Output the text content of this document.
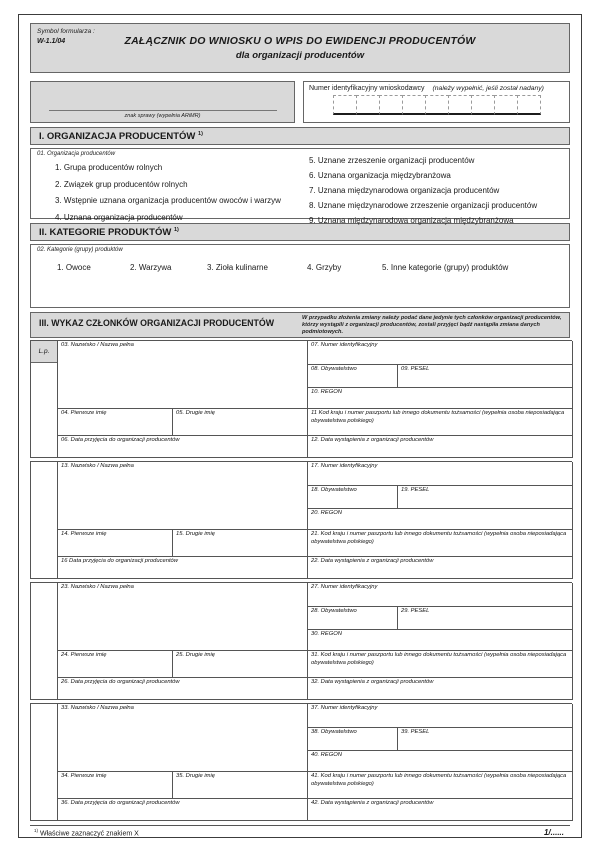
Symbol formularza :
W-1.1/04	ZAŁĄCZNIK DO WNIOSKU O WPIS DO EWIDENCJI PRODUCENTÓW
dla organizacji producentów
znak sprawy (wypełnia ARiMR)
Numer identyfikacyjny wnioskodawcy (należy wypełnić, jeśli został nadany)
I. ORGANIZACJA PRODUCENTÓW $^{1)}$
01. Organizacja producentów
1. Grupa producentów rolnych
2. Związek grup producentów rolnych
3. Wstępnie uznana organizacja producentów owoców i warzyw
4. Uznana organizacja producentów
5. Uznane zrzeszenie organizacji producentów
6. Uznana organizacja międzybranżowa
7. Uznana międzynarodowa organizacja producentów
8. Uznane międzynarodowe zrzeszenie organizacji producentów
9. Uznana międzynarodowa organizacja międzybranżowa
II. KATEGORIE PRODUKTÓW $^{1)}$
02. Kategorie (grupy) produktów
1. Owoce	2. Warzywa	3. Zioła kulinarne	4. Grzyby	5. Inne kategorie (grupy) produktów
III. WYKAZ CZŁONKÓW ORGANIZACJI PRODUCENTÓW	W przypadku złożenia zmiany należy podać dane jedynie tych członków organizacji producentów, którzy wystąpili z organizacji producentów, zostali przyjęci bądź nastąpiła zmiana danych podmiotowych.
L.p.
03. Nazwisko / Nazwa pełna	07. Numer identyfikacyjny
08. Obywatelstwo	09. PESEL
10. REGON
04. Pierwsze imię	05. Drugie imię	11 Kod kraju i numer paszportu lub innego dokumentu tożsamości (wypełnia osoba nieposiadająca obywatelstwa polskiego)
06. Data przyjęcia do organizacji producentów	12. Data wystąpienia z organizacji producentów
13. Nazwisko / Nazwa pełna	17. Numer identyfikacyjny
18. Obywatelstwo	19. PESEL
20. REGON
14. Pierwsze imię	15. Drugie imię	21. Kod kraju i numer paszportu lub innego dokumentu tożsamości (wypełnia osoba nieposiadająca obywatelstwa polskiego)
16 Data przyjęcia do organizacji producentów	22. Data wystąpienia z organizacji producentów
23. Nazwisko / Nazwa pełna	27. Numer identyfikacyjny
28. Obywatelstwo	29. PESEL
30. REGON
24. Pierwsze imię	25. Drugie imię	31. Kod kraju i numer paszportu lub innego dokumentu tożsamości (wypełnia osoba nieposiadająca obywatelstwa polskiego)
26. Data przyjęcia do organizacji producentów	32. Data wystąpienia z organizacji producentów
33. Nazwisko / Nazwa pełna	37. Numer identyfikacyjny
38. Obywatelstwo	39. PESEL
40. REGON
34. Pierwsze imię	35. Drugie imię	41. Kod kraju i numer paszportu lub innego dokumentu tożsamości (wypełnia osoba nieposiadająca obywatelstwa polskiego)
36. Data przyjęcia do organizacji producentów	42. Data wystąpienia z organizacji producentów
$^{1)}$ Właściwe zaznaczyć znakiem X	1/......
